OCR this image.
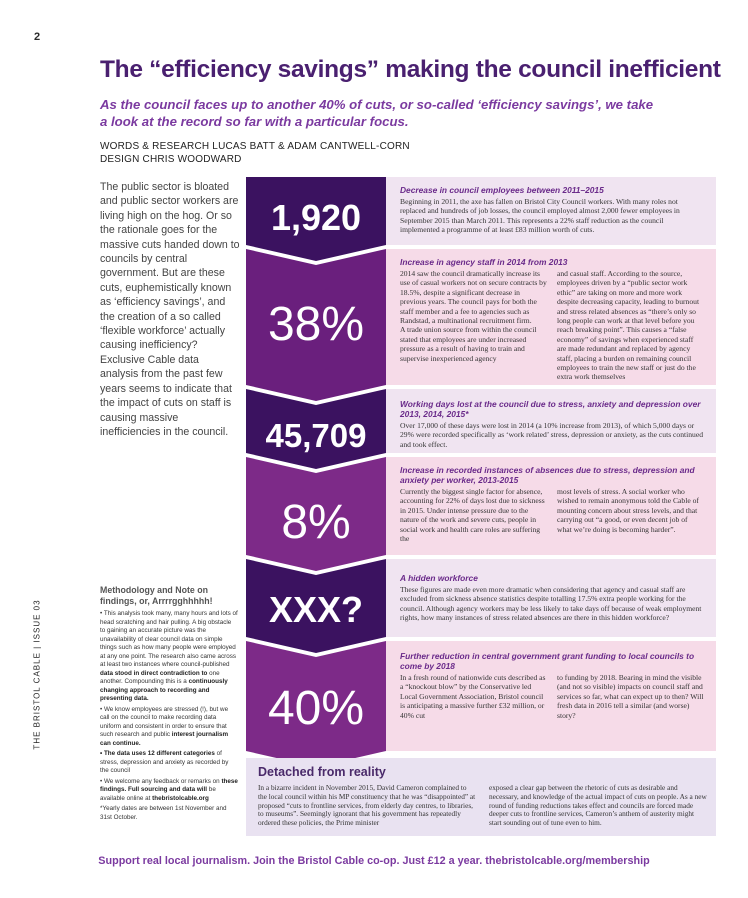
2
THE BRISTOL CABLE | ISSUE 03
The “efficiency savings” making the council inefficient
As the council faces up to another 40% of cuts, or so-called ‘efficiency savings’, we take a look at the record so far with a particular focus.
WORDS & RESEARCH LUCAS BATT & ADAM CANTWELL-CORN
DESIGN CHRIS WOODWARD
The public sector is bloated and public sector workers are living high on the hog. Or so the rationale goes for the massive cuts handed down to councils by central government. But are these cuts, euphemistically known as ‘efficiency savings’, and the creation of a so called ‘flexible workforce’ actually causing inefficiency? Exclusive Cable data analysis from the past few years seems to indicate that the impact of cuts on staff is causing massive inefficiencies in the council.
Methodology and Note on findings, or, Arrrrgghhhhh!

• This analysis took many, many hours and lots of head scratching and hair pulling. A big obstacle to gaining an accurate picture was the unavailability of clear council data on simple things such as how many people were employed at any one point. The research also came across at least two instances where council-published data stood in direct contradiction to one another. Compounding this is a continuously changing approach to recording and presenting data.

• We know employees are stressed (!), but we call on the council to make recording data uniform and consistent in order to ensure that such research and public interest journalism can continue.

• The data uses 12 different categories of stress, depression and anxiety as recorded by the council

• We welcome any feedback or remarks on these findings. Full sourcing and data will be available online at thebristolcable.org

*Yearly dates are between 1st November and 31st October.

1,920
38%
45,709
8%
XXX?
40%
Decrease in council employees between 2011–2015
Beginning in 2011, the axe has fallen on Bristol City Council workers. With many roles not replaced and hundreds of job losses, the council employed almost 2,000 fewer employees in September 2015 than March 2011. This represents a 22% staff reduction as the council implemented a programme of at least £83 million worth of cuts.
Increase in agency staff in 2014 from 2013
2014 saw the council dramatically increase its use of casual workers not on secure contracts by 18.5%, despite a significant decrease in previous years. The council pays for both the staff member and a fee to agencies such as Randstad, a multinational recruitment firm.
A trade union source from within the council stated that employees are under increased pressure as a result of having to train and supervise inexperienced agency
and casual staff. According to the source, employees driven by a “public sector work ethic” are taking on more and more work despite decreasing capacity, leading to burnout and stress related absences as “there’s only so long people can work at that level before you reach breaking point”. This causes a “false economy” of savings when experienced staff are made redundant and replaced by agency staff, placing a burden on remaining council employees to train the new staff or just do the extra work themselves
Working days lost at the council due to stress, anxiety and depression over 2013, 2014, 2015*
Over 17,000 of these days were lost in 2014 (a 10% increase from 2013), of which 5,000 days or 29% were recorded specifically as ‘work related’ stress, depression or anxiety, as the cuts continued and took effect.
Increase in recorded instances of absences due to stress, depression and anxiety per worker, 2013-2015
Currently the biggest single factor for absence, accounting for 22% of days lost due to sickness in 2015. Under intense pressure due to the nature of the work and severe cuts, people in social work and health care roles are suffering the
most levels of stress. A social worker who wished to remain anonymous told the Cable of mounting concern about stress levels, and that carrying out “a good, or even decent job of what we’re doing is becoming harder”.
A hidden workforce
These figures are made even more dramatic when considering that agency and casual staff are excluded from sickness absence statistics despite totalling 17.5% extra people working for the council. Although agency workers may be less likely to take days off because of weak employment rights, how many instances of stress related absences are there in this hidden workforce?
Further reduction in central government grant funding to local councils to come by 2018
In a fresh round of nationwide cuts described as a “knockout blow” by the Conservative led Local Government Association, Bristol council is anticipating a massive further £32 million, or 40% cut
to funding by 2018. Bearing in mind the visible (and not so visible) impacts on council staff and services so far, what can expect up to then? Will fresh data in 2016 tell a similar (and worse) story?
Detached from reality
In a bizarre incident in November 2015, David Cameron complained to the local council within his MP constituency that he was “disappointed” at proposed “cuts to frontline services, from elderly day centres, to libraries, to museums”. Seemingly ignorant that his government has repeatedly ordered these policies, the Prime minister
exposed a clear gap between the rhetoric of cuts as desirable and necessary, and knowledge of the actual impact of cuts on people. As a new round of funding reductions takes effect and councils are forced made deeper cuts to frontline services, Cameron’s anthem of austerity might start sounding out of tune even to him.
Support real local journalism. Join the Bristol Cable co-op. Just £12 a year. thebristolcable.org/membership
